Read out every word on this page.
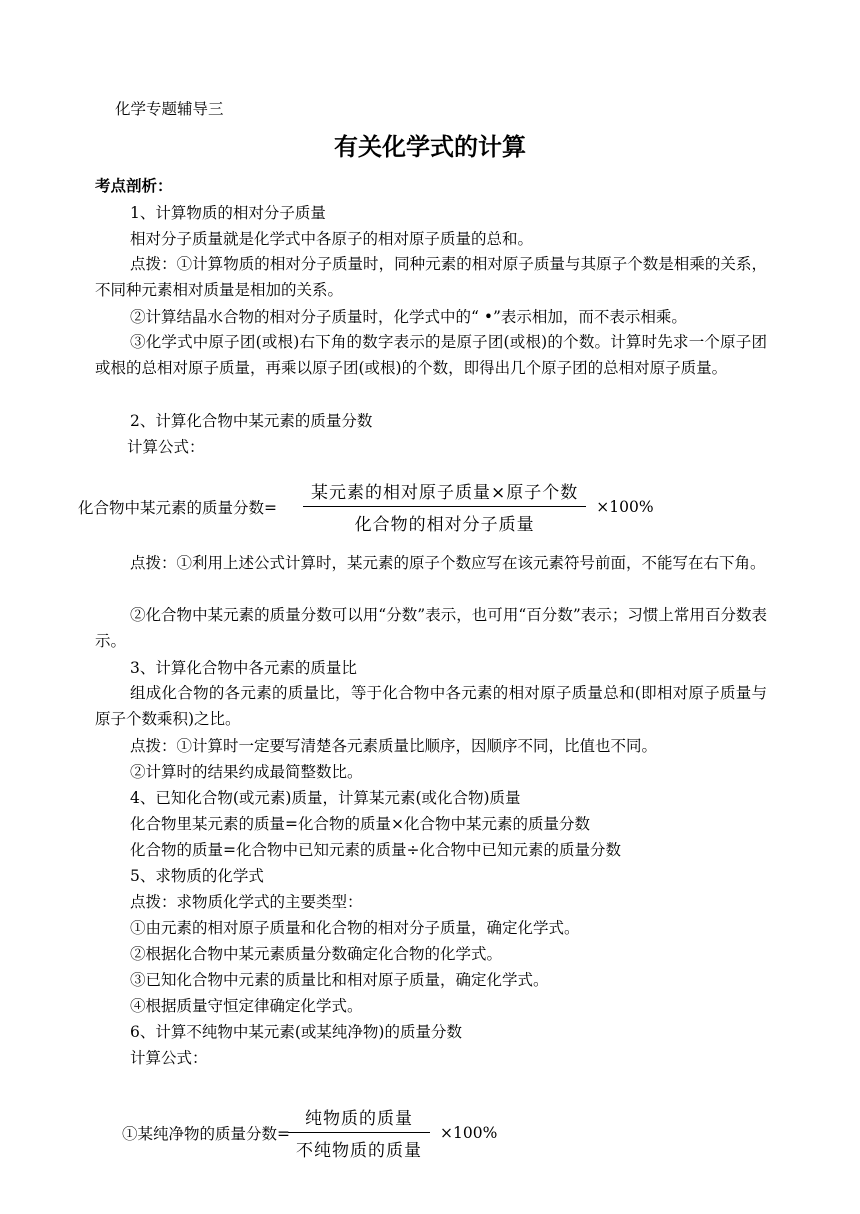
化学专题辅导三
有关化学式的计算
考点剖析：
1、计算物质的相对分子质量
相对分子质量就是化学式中各原子的相对原子质量的总和。
点拨：①计算物质的相对分子质量时，同种元素的相对原子质量与其原子个数是相乘的关系，不同种元素相对质量是相加的关系。
②计算结晶水合物的相对分子质量时，化学式中的“ •”表示相加，而不表示相乘。
③化学式中原子团(或根)右下角的数字表示的是原子团(或根)的个数。计算时先求一个原子团或根的总相对原子质量，再乘以原子团(或根)的个数，即得出几个原子团的总相对原子质量。
2、计算化合物中某元素的质量分数
计算公式：
化合物中某元素的质量分数= $\frac{\text{某元素的相对原子质量×原子个数}}{\text{化合物的相对分子质量}} \times 100\%$
点拨：①利用上述公式计算时，某元素的原子个数应写在该元素符号前面，不能写在右下角。
②化合物中某元素的质量分数可以用“分数”表示，也可用“百分数”表示；习惯上常用百分数表示。
3、计算化合物中各元素的质量比
组成化合物的各元素的质量比，等于化合物中各元素的相对原子质量总和(即相对原子质量与原子个数乘积)之比。
点拨：①计算时一定要写清楚各元素质量比顺序，因顺序不同，比值也不同。
②计算时的结果约成最简整数比。
4、已知化合物(或元素)质量，计算某元素(或化合物)质量
化合物里某元素的质量=化合物的质量×化合物中某元素的质量分数
化合物的质量=化合物中已知元素的质量÷化合物中已知元素的质量分数
5、求物质的化学式
点拨：求物质化学式的主要类型：
①由元素的相对原子质量和化合物的相对分子质量，确定化学式。
②根据化合物中某元素质量分数确定化合物的化学式。
③已知化合物中元素的质量比和相对原子质量，确定化学式。
④根据质量守恒定律确定化学式。
6、计算不纯物中某元素(或某纯净物)的质量分数
计算公式：
①某纯净物的质量分数= $\frac{\text{纯物质的质量}}{\text{不纯物质的质量}} \times 100\%$
